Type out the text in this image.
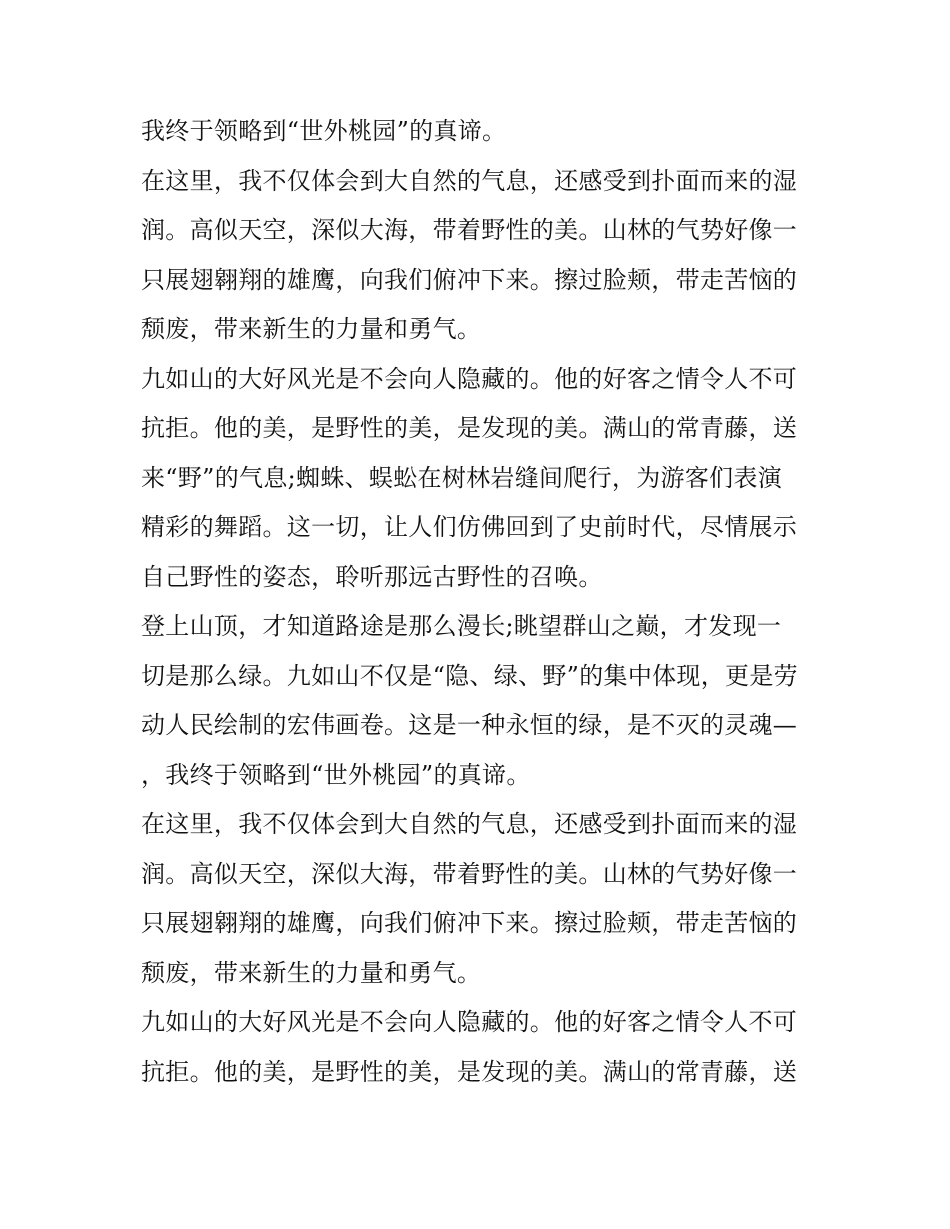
我终于领略到“世外桃园”的真谛。
在这里，我不仅体会到大自然的气息，还感受到扑面而来的湿
润。高似天空，深似大海，带着野性的美。山林的气势好像一
只展翅翱翔的雄鹰，向我们俯冲下来。擦过脸颊，带走苦恼的
颓废，带来新生的力量和勇气。
九如山的大好风光是不会向人隐藏的。他的好客之情令人不可
抗拒。他的美，是野性的美，是发现的美。满山的常青藤，送
来“野”的气息;蜘蛛、蜈蚣在树林岩缝间爬行，为游客们表演
精彩的舞蹈。这一切，让人们仿佛回到了史前时代，尽情展示
自己野性的姿态，聆听那远古野性的召唤。
登上山顶，才知道路途是那么漫长;眺望群山之巅，才发现一
切是那么绿。九如山不仅是“隐、绿、野”的集中体现，更是劳
动人民绘制的宏伟画卷。这是一种永恒的绿，是不灭的灵魂—
，我终于领略到“世外桃园”的真谛。
在这里，我不仅体会到大自然的气息，还感受到扑面而来的湿
润。高似天空，深似大海，带着野性的美。山林的气势好像一
只展翅翱翔的雄鹰，向我们俯冲下来。擦过脸颊，带走苦恼的
颓废，带来新生的力量和勇气。
九如山的大好风光是不会向人隐藏的。他的好客之情令人不可
抗拒。他的美，是野性的美，是发现的美。满山的常青藤，送
